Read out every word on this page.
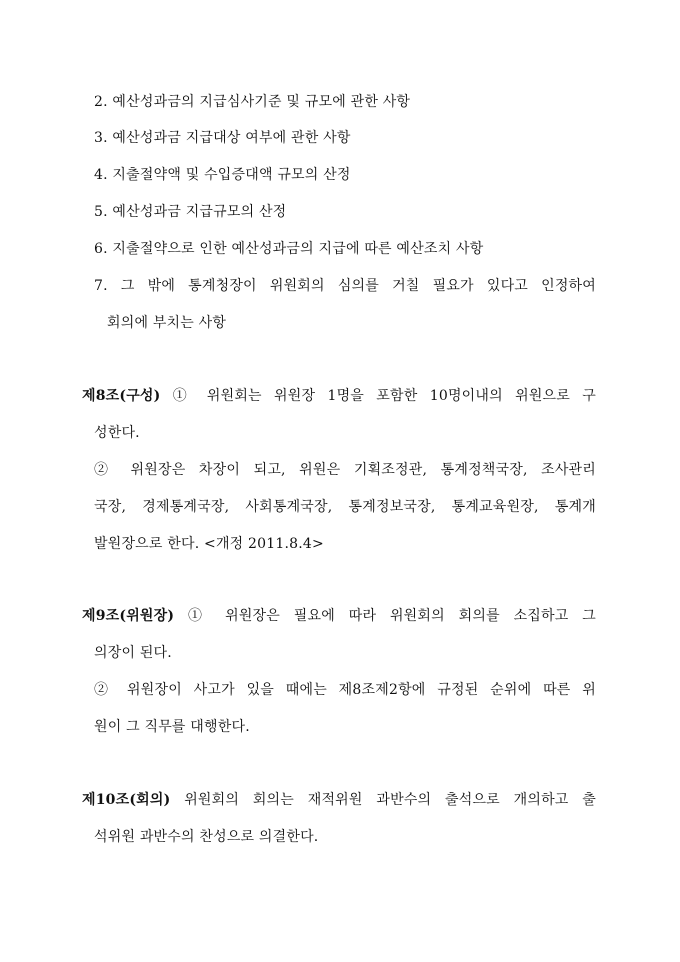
2. 예산성과금의 지급심사기준 및 규모에 관한 사항
3. 예산성과금 지급대상 여부에 관한 사항
4. 지출절약액 및 수입증대액 규모의 산정
5. 예산성과금 지급규모의 산정
6. 지출절약으로 인한 예산성과금의 지급에 따른 예산조치 사항
7. 그 밖에 통계청장이 위원회의 심의를 거칠 필요가 있다고 인정하여
회의에 부치는 사항
제8조(구성) ① 위원회는 위원장 1명을 포함한 10명이내의 위원으로 구
성한다.
② 위원장은 차장이 되고, 위원은 기획조정관, 통계정책국장, 조사관리
국장, 경제통계국장, 사회통계국장, 통계정보국장, 통계교육원장, 통계개
발원장으로 한다. <개정 2011.8.4>
제9조(위원장) ① 위원장은 필요에 따라 위원회의 회의를 소집하고 그
의장이 된다.
② 위원장이 사고가 있을 때에는 제8조제2항에 규정된 순위에 따른 위
원이 그 직무를 대행한다.
제10조(회의) 위원회의 회의는 재적위원 과반수의 출석으로 개의하고 출
석위원 과반수의 찬성으로 의결한다.
